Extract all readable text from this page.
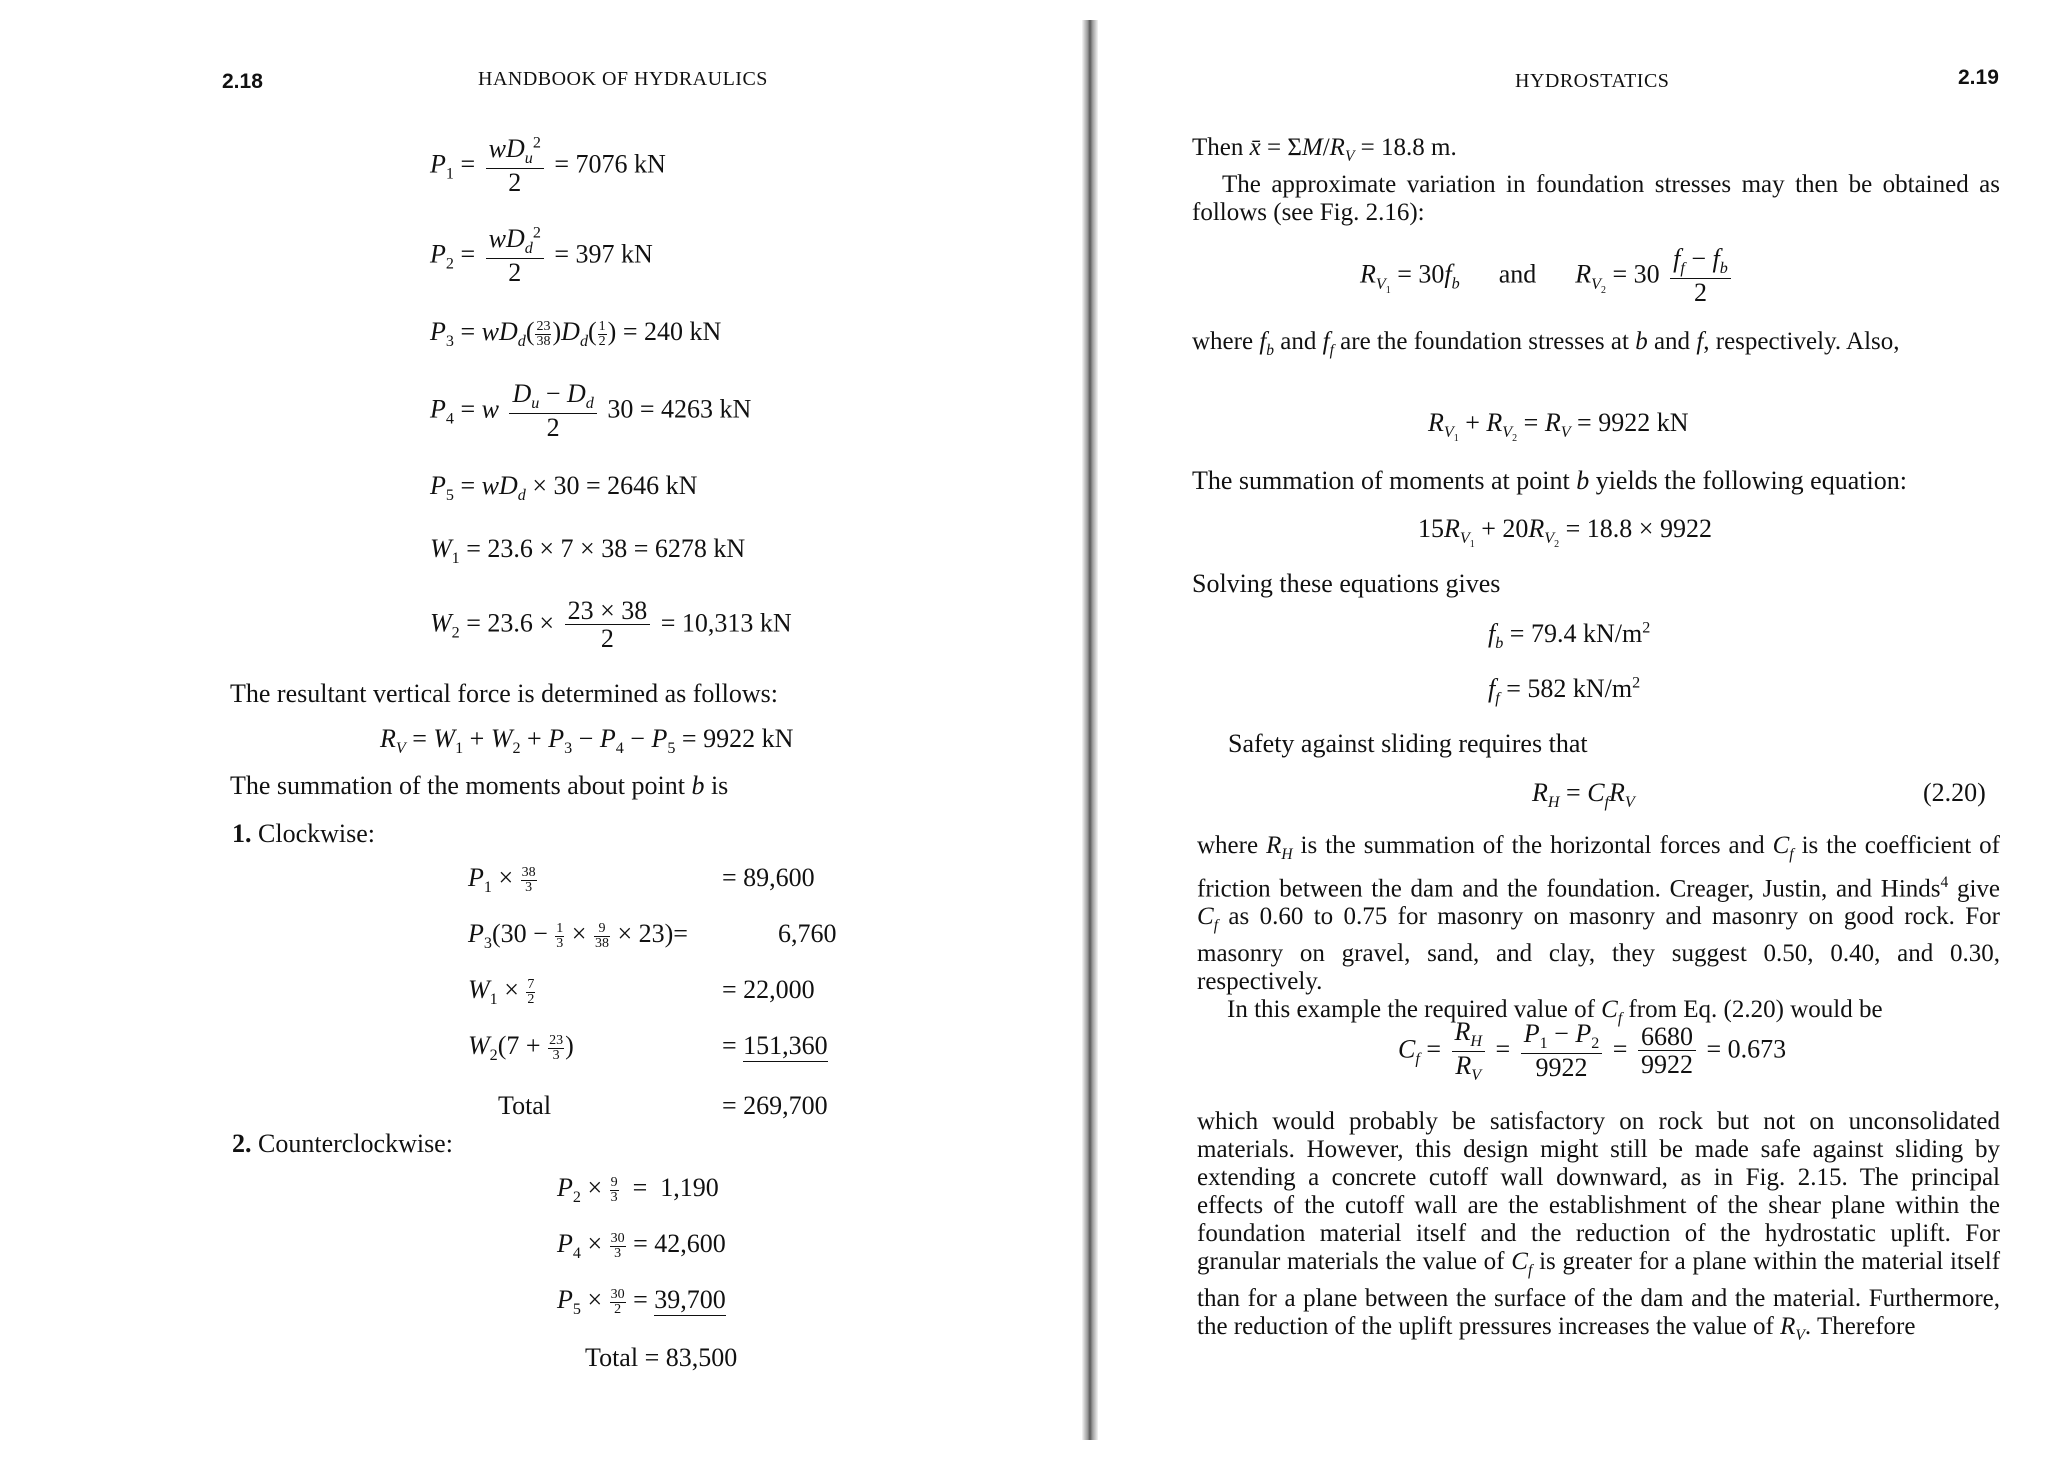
2.18	HANDBOOK OF HYDRAULICS
$P_1 = \frac{wD_u^2}{2} = 7076$ kN
$P_2 = \frac{wD_d^2}{2} = 397$ kN
$P_3 = wD_d( \frac{23}{38} )D_d( \frac{1}{2}$ ) = 240 kN
$P_4 = w \frac{D_u - D_d}{2} 30 = 4263$ kN
$P_5 = wD_d \times 30 = 2646$ kN
$W_1 = 23.6 \times 7 \times 38 = 6278$ kN
$W_2 = 23.6 \times \frac{23 \times 38}{2} = 10,313$ kN
The resultant vertical force is determined as follows:
$R_V = W_1 + W_2 + P_3 - P_4 - P_5 = 9922$ kN
The summation of the moments about point b is
1. Clockwise:
$P_1 \times \frac{38}{3}$	= 89,600
$P_3(30 - \frac{1}{3} \times \frac{9}{38} \times 23)=$	6,760
$W_1 \times \frac{7}{2}$	= 22,000
$W_2(7 + \frac{23}{3}$ )	= 151,360
Total	= 269,700
2. Counterclockwise:
$P_2 \times \frac{9}{3} = 1,190$
$P_4 \times \frac{30}{3} = 42,600$
$P_5 \times \frac{30}{2} = 39,700$
Total = 83,500
HYDROSTATICS	2.19

Then x̄ = $\Sigma M/R_V = 18.8$ m.

The approximate variation in foundation stresses may then be obtained as follows (see Fig. 2.16):

$R_{V_1} = 30f_b$ and $R_{V_2} = 30 \frac{f_f - f_b}{2}$

where $f_b$ and $f_f$ are the foundation stresses at b and f, respectively. Also,

$R_{V_1} + R_{V_2} = R_V = 9922$ kN
The summation of moments at point b yields the following equation:
$15R_{V_1} + 20R_{V_2} = 18.8 \times 9922$
Solving these equations gives
$f_b = 79.4$ $kN/m^2$
$f_f = 582$ $kN/m^2$
Safety against sliding requires that
$R_H = C_fR_V$	(2.20)

where $R_H$ is the summation of the horizontal forces and $C_f$ is the coefficient of friction between the dam and the foundation. Creager, Justin, and Hinds$^4$ give $C_f$ as 0.60 to 0.75 for masonry on masonry and masonry on good rock. For masonry on gravel, sand, and clay, they suggest 0.50, 0.40, and 0.30, respectively.

In this example the required value of $C_f$ from Eq. (2.20) would be

$C_f = \frac{R_H}{R_V} = \frac{P_1 - P_2}{9922} = \frac{6680}{9922} = 0.673$

which would probably be satisfactory on rock but not on unconsolidated materials. However, this design might still be made safe against sliding by extending a concrete cutoff wall downward, as in Fig. 2.15. The principal effects of the cutoff wall are the establishment of the shear plane within the foundation material itself and the reduction of the hydrostatic uplift. For granular materials the value of $C_f$ is greater for a plane within the material itself than for a plane between the surface of the dam and the material. Furthermore, the reduction of the uplift pressures increases the value of $R_V$. Therefore
